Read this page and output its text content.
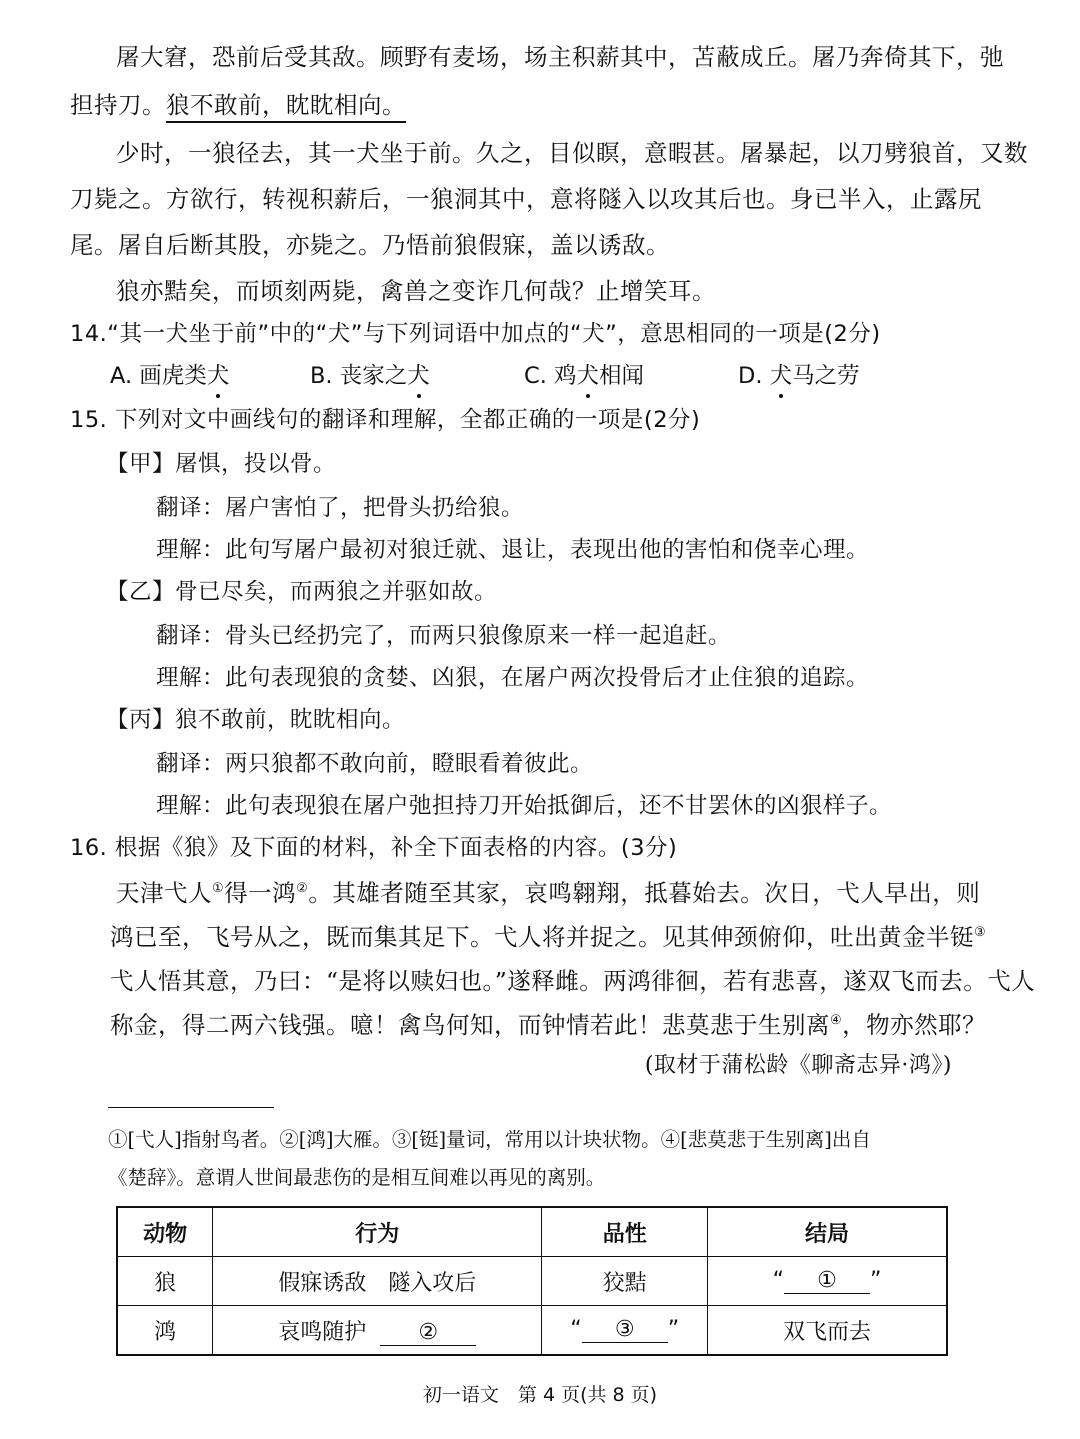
屠大窘，恐前后受其敌。顾野有麦场，场主积薪其中，苫蔽成丘。屠乃奔倚其下，弛
担持刀。狼不敢前，眈眈相向。
少时，一狼径去，其一犬坐于前。久之，目似瞑，意暇甚。屠暴起，以刀劈狼首，又数
刀毙之。方欲行，转视积薪后，一狼洞其中，意将隧入以攻其后也。身已半入，止露尻
尾。屠自后断其股，亦毙之。乃悟前狼假寐，盖以诱敌。
狼亦黠矣，而顷刻两毙，禽兽之变诈几何哉？止增笑耳。
14.“其一犬坐于前”中的“犬”与下列词语中加点的“犬”，意思相同的一项是(2分)
A. 画虎类犬	B. 丧家之犬	C. 鸡犬相闻	D. 犬马之劳
15. 下列对文中画线句的翻译和理解，全都正确的一项是(2分)
【甲】屠惧，投以骨。
翻译：屠户害怕了，把骨头扔给狼。
理解：此句写屠户最初对狼迁就、退让，表现出他的害怕和侥幸心理。
【乙】骨已尽矣，而两狼之并驱如故。
翻译：骨头已经扔完了，而两只狼像原来一样一起追赶。
理解：此句表现狼的贪婪、凶狠，在屠户两次投骨后才止住狼的追踪。
【丙】狼不敢前，眈眈相向。
翻译：两只狼都不敢向前，瞪眼看着彼此。
理解：此句表现狼在屠户弛担持刀开始抵御后，还不甘罢休的凶狠样子。
16. 根据《狼》及下面的材料，补全下面表格的内容。(3分)
天津弋人①得一鸿②。其雄者随至其家，哀鸣翱翔，抵暮始去。次日，弋人早出，则
鸿已至，飞号从之，既而集其足下。弋人将并捉之。见其伸颈俯仰，吐出黄金半铤③
弋人悟其意，乃曰：“是将以赎妇也。”遂释雌。两鸿徘徊，若有悲喜，遂双飞而去。弋人
称金，得二两六钱强。噫！禽鸟何知，而钟情若此！悲莫悲于生别离④，物亦然耶？
(取材于蒲松龄《聊斋志异·鸿》)
①[弋人]指射鸟者。②[鸿]大雁。③[铤]量词，常用以计块状物。④[悲莫悲于生别离]出自
《楚辞》。意谓人世间最悲伤的是相互间难以再见的离别。
动物	行为	品性	结局
狼	假寐诱敌　隧入攻后	狡黠	“ ① ”
鸿	哀鸣随护 ②	“ ③ ”	双飞而去
初一语文　第 4 页(共 8 页)
